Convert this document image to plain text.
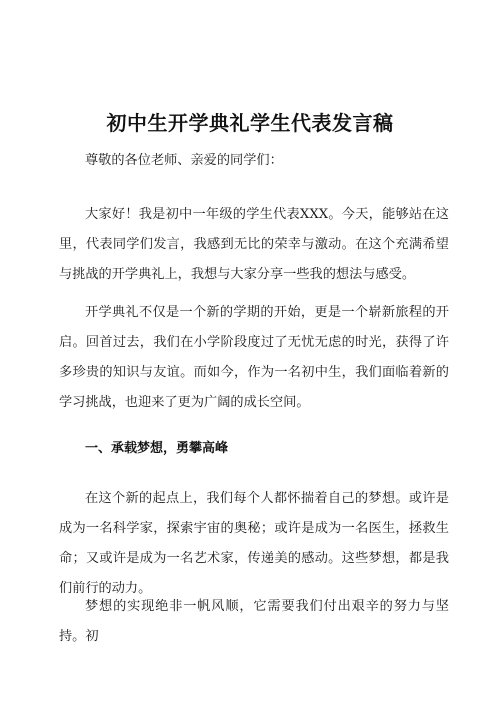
初中生开学典礼学生代表发言稿

尊敬的各位老师、亲爱的同学们：

大家好！我是初中一年级的学生代表XXX。今天，能够站在这里，代表同学们发言，我感到无比的荣幸与激动。在这个充满希望与挑战的开学典礼上，我想与大家分享一些我的想法与感受。

开学典礼不仅是一个新的学期的开始，更是一个崭新旅程的开启。回首过去，我们在小学阶段度过了无忧无虑的时光，获得了许多珍贵的知识与友谊。而如今，作为一名初中生，我们面临着新的学习挑战，也迎来了更为广阔的成长空间。

一、承载梦想，勇攀高峰

在这个新的起点上，我们每个人都怀揣着自己的梦想。或许是成为一名科学家，探索宇宙的奥秘；或许是成为一名医生，拯救生命；又或许是成为一名艺术家，传递美的感动。这些梦想，都是我们前行的动力。

梦想的实现绝非一帆风顺，它需要我们付出艰辛的努力与坚持。初
